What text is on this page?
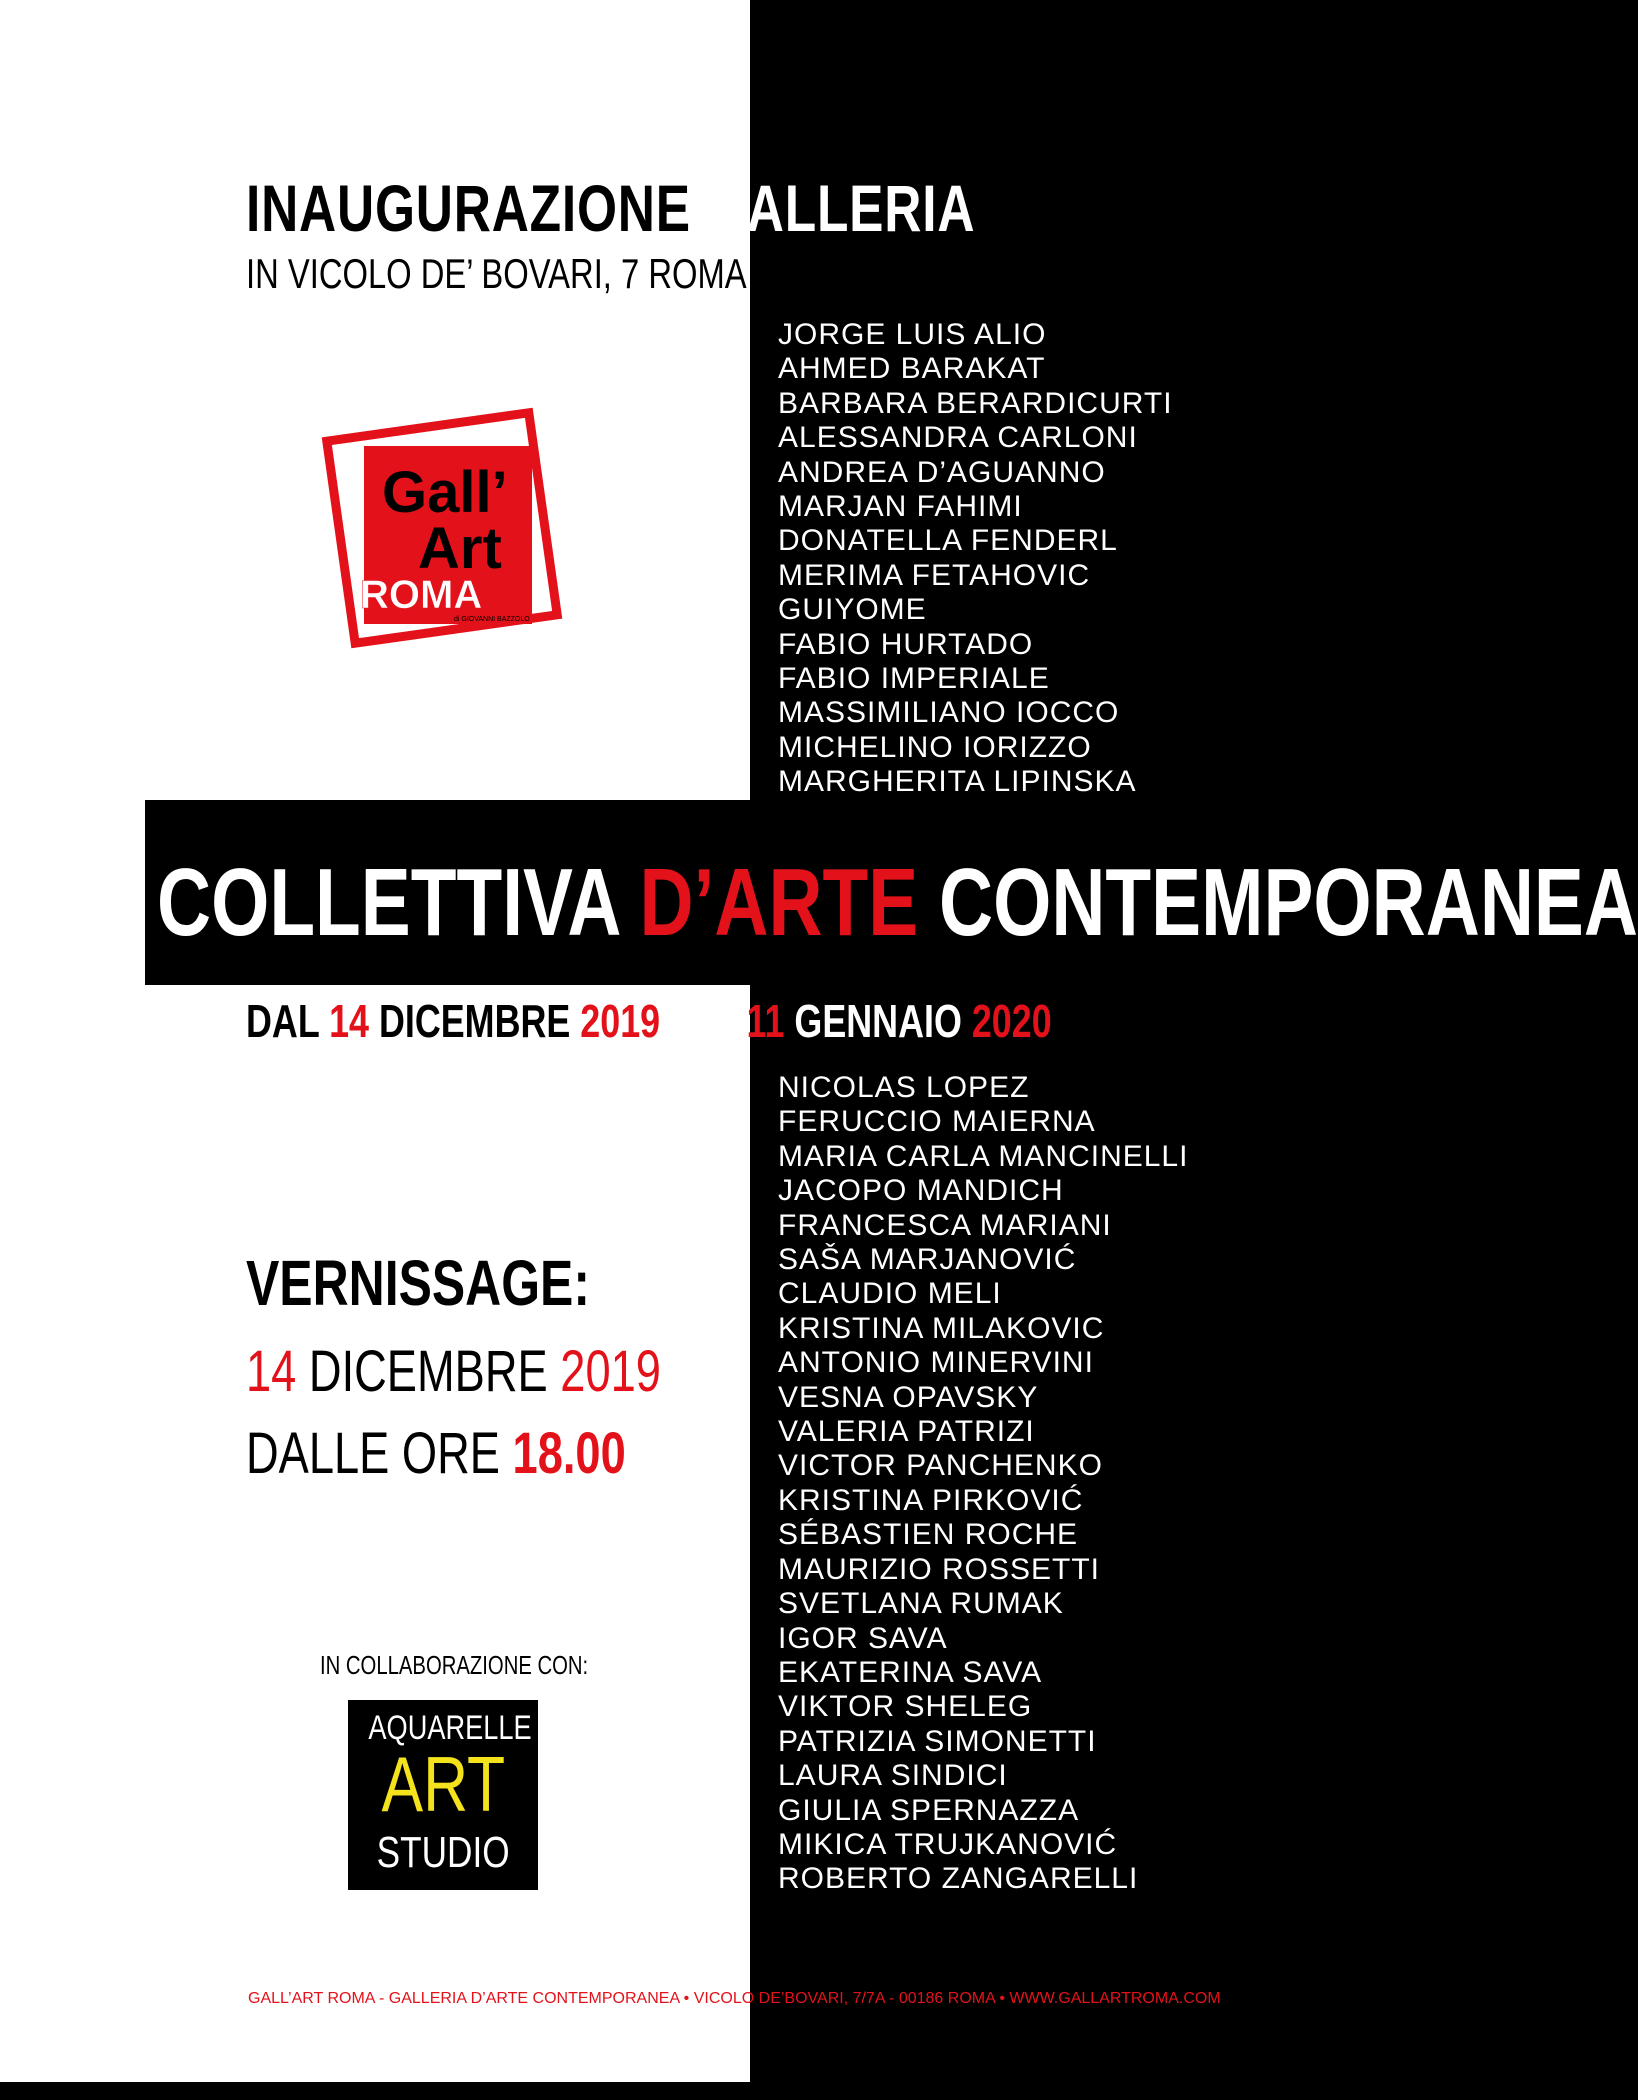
INAUGURAZIONE GALLERIA
IN VICOLO DE’ BOVARI, 7 ROMA
Gall’
Art
ROMA
di GIOVANNI BAZZOLO
JORGE LUIS ALIO
AHMED BARAKAT
BARBARA BERARDICURTI
ALESSANDRA CARLONI
ANDREA D’AGUANNO
MARJAN FAHIMI
DONATELLA FENDERL
MERIMA FETAHOVIC
GUIYOME
FABIO HURTADO
FABIO IMPERIALE
MASSIMILIANO IOCCO
MICHELINO IORIZZO
MARGHERITA LIPINSKA
COLLETTIVA D’ARTE CONTEMPORANEA
DAL 14 DICEMBRE 2019 ALL’11 GENNAIO 2020
NICOLAS LOPEZ
FERUCCIO MAIERNA
MARIA CARLA MANCINELLI
JACOPO MANDICH
FRANCESCA MARIANI
SAŠA MARJANOVIĆ
CLAUDIO MELI
KRISTINA MILAKOVIC
ANTONIO MINERVINI
VESNA OPAVSKY
VALERIA PATRIZI
VICTOR PANCHENKO
KRISTINA PIRKOVIĆ
SÉBASTIEN ROCHE
MAURIZIO ROSSETTI
SVETLANA RUMAK
IGOR SAVA
EKATERINA SAVA
VIKTOR SHELEG
PATRIZIA SIMONETTI
LAURA SINDICI
GIULIA SPERNAZZA
MIKICA TRUJKANOVIĆ
ROBERTO ZANGARELLI
VERNISSAGE:
14 DICEMBRE 2019
DALLE ORE 18.00
IN COLLABORAZIONE CON:
AQUARELLE
ART
STUDIO
GALL’ART ROMA - GALLERIA D’ARTE CONTEMPORANEA • VICOLO DE’BOVARI, 7/7A - 00186 ROMA • WWW.GALLARTROMA.COM
